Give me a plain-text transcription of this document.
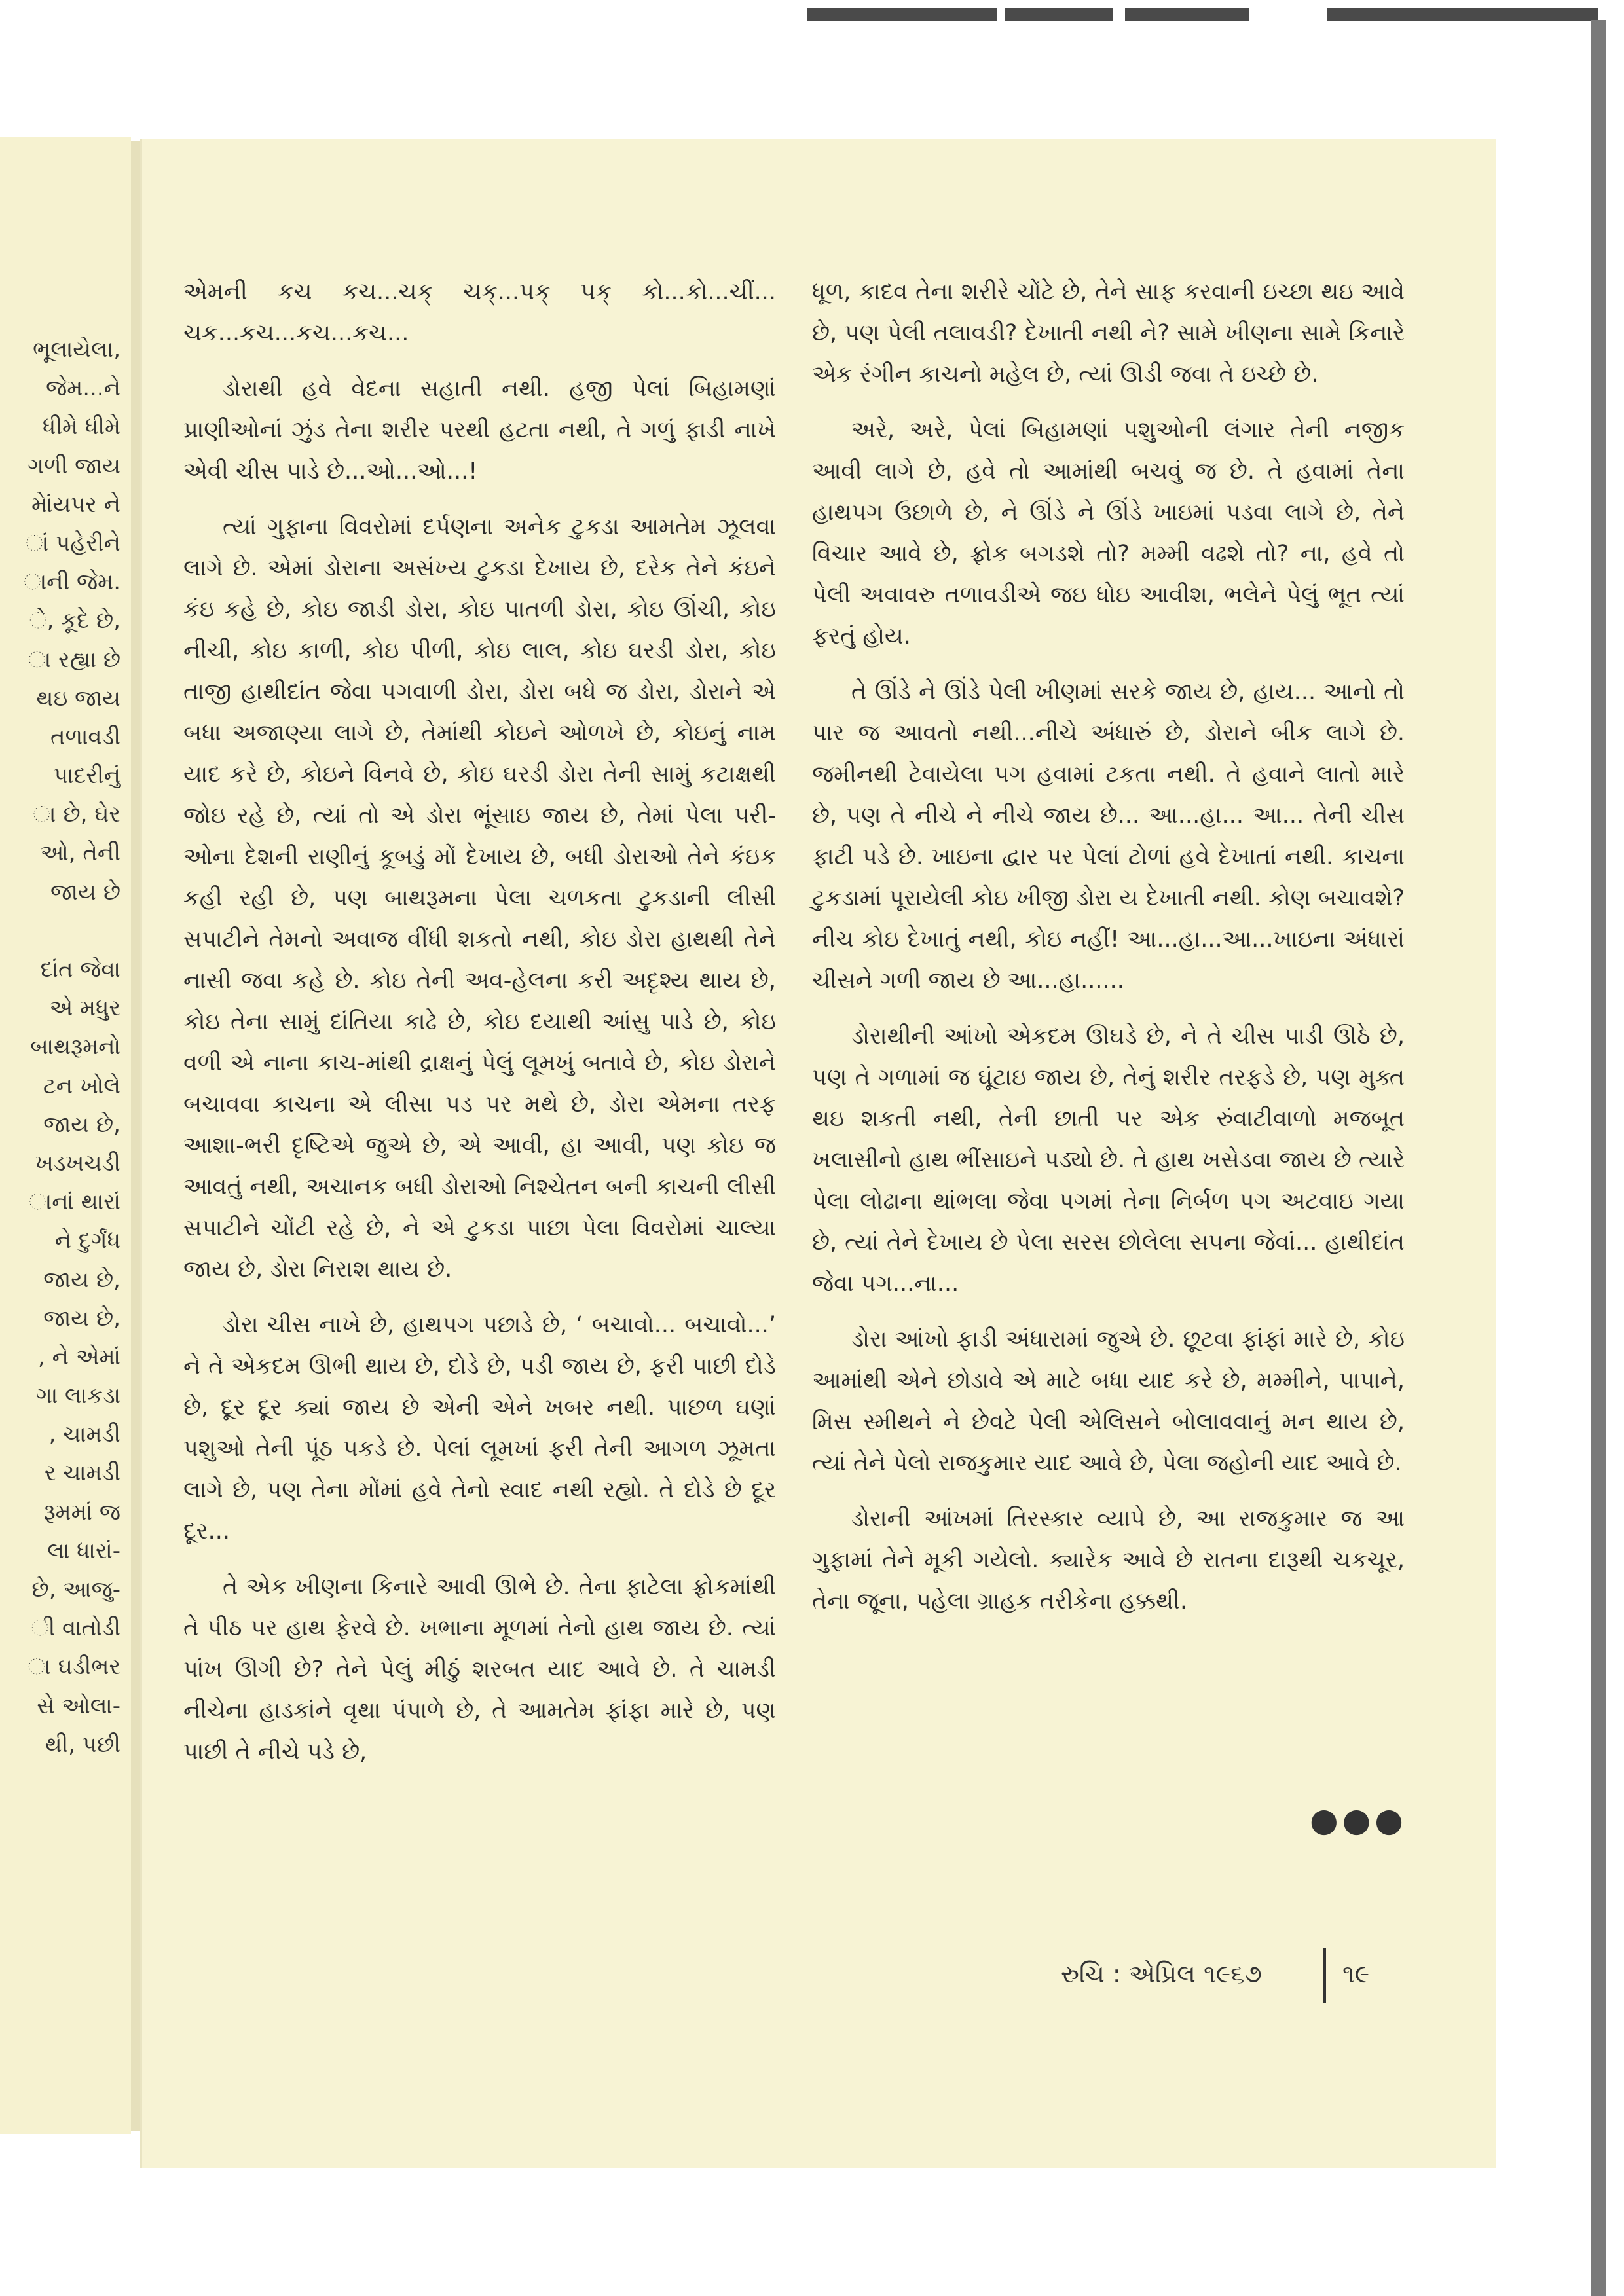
ભૂલાયેલા,
જેમ...ને
ધીમે ધીમે
ગળી જાય
મેાંયપર ને
ાં પહેરીને
ાની જેમ.
ે, કૂદે છે,
ા રહ્યા છે
થઇ જાય
તળાવડી
પાદરીનું
ા છે, ઘેર
ઓ, તેની
જાય છે
દાંત જેવા
એ મધુર
બાથરૂમનો
ટન ખોલે
જાય છે,
ખડખચડી
ાનાં થારાં
ને દુર્ગંધ
જાય છે,
જાય છે,
, ને એમાં
ગા લાકડા
, ચામડી
ર ચામડી
રૂમમાં જ
લા ધારાં-
છે, આજુ-
ી વાતોડી
ા ઘડીભર
સે ઓલા-
થી, પછી

એમની કચ કચ...ચક્ ચક્...પક્ પક્ કો...કો...ચીં... ચક...કચ...કચ...કચ...

ડોરાથી હવે વેદના સહાતી નથી. હજી પેલાં બિહામણાં પ્રાણીઓનાં ઝુંડ તેના શરીર પરથી હટતા નથી, તે ગળું ફાડી નાખે એવી ચીસ પાડે છે...ઓ...ઓ...!

ત્યાં ગુફાના વિવરોમાં દર્પણના અનેક ટુકડા આમતેમ ઝૂલવા લાગે છે. એમાં ડોરાના અસંખ્ય ટુકડા દેખાય છે, દરેક તેને કંઇને કંઇ કહે છે, કોઇ જાડી ડોરા, કોઇ પાતળી ડોરા, કોઇ ઊંચી, કોઇ નીચી, કોઇ કાળી, કોઇ પીળી, કોઇ લાલ, કોઇ ઘરડી ડોરા, કોઇ તાજી હાથીદાંત જેવા પગવાળી ડોરા, ડોરા બધે જ ડોરા, ડોરાને એ બધા અજાણ્યા લાગે છે, તેમાંથી કોઇને ઓળખે છે, કોઇનું નામ યાદ કરે છે, કોઇને વિનવે છે, કોઇ ઘરડી ડોરા તેની સામું કટાક્ષથી જોઇ રહે છે, ત્યાં તો એ ડોરા ભૂંસાઇ જાય છે, તેમાં પેલા પરી-ઓના દેશની રાણીનું કૂબડું મોં દેખાય છે, બધી ડોરાઓ તેને કંઇક કહી રહી છે, પણ બાથરૂમના પેલા ચળકતા ટુકડાની લીસી સપાટીને તેમનો અવાજ વીંધી શકતો નથી, કોઇ ડોરા હાથથી તેને નાસી જવા કહે છે. કોઇ તેની અવ-હેલના કરી અદૃશ્ય થાય છે, કોઇ તેના સામું દાંતિયા કાઢે છે, કોઇ દયાથી આંસુ પાડે છે, કોઇ વળી એ નાના કાચ-માંથી દ્રાક્ષનું પેલું લૂમખું બતાવે છે, કોઇ ડોરાને બચાવવા કાચના એ લીસા પડ પર મથે છે, ડોરા એમના તરફ આશા-ભરી દૃષ્ટિએ જુએ છે, એ આવી, હા આવી, પણ કોઇ જ આવતું નથી, અચાનક બધી ડોરાઓ નિશ્ચેતન બની કાચની લીસી સપાટીને ચોંટી રહે છે, ને એ ટુકડા પાછા પેલા વિવરોમાં ચાલ્યા જાય છે, ડોરા નિરાશ થાય છે.

ડોરા ચીસ નાખે છે, હાથપગ પછાડે છે, ‘ બચાવો... બચાવો...’ ને તે એકદમ ઊભી થાય છે, દોડે છે, પડી જાય છે, ફરી પાછી દોડે છે, દૂર દૂર ક્યાં જાય છે એની એને ખબર નથી. પાછળ ઘણાં પશુઓ તેની પૂંઠ પકડે છે. પેલાં લૂમખાં ફરી તેની આગળ ઝૂમતા લાગે છે, પણ તેના મોંમાં હવે તેનો સ્વાદ નથી રહ્યો. તે દોડે છે દૂર દૂર...

તે એક ખીણના કિનારે આવી ઊભે છે. તેના ફાટેલા ફ્રોકમાંથી તે પીઠ પર હાથ ફેરવે છે. ખભાના મૂળમાં તેનો હાથ જાય છે. ત્યાં પાંખ ઊગી છે? તેને પેલું મીઠું શરબત યાદ આવે છે. તે ચામડી નીચેના હાડકાંને વૃથા પંપાળે છે, તે આમતેમ ફાંફા મારે છે, પણ પાછી તે નીચે પડે છે,

ધૂળ, કાદવ તેના શરીરે ચોંટે છે, તેને સાફ કરવાની ઇચ્છા થઇ આવે છે, પણ પેલી તલાવડી? દેખાતી નથી ને? સામે ખીણના સામે કિનારે એક રંગીન કાચનો મહેલ છે, ત્યાં ઊડી જવા તે ઇચ્છે છે.

અરે, અરે, પેલાં બિહામણાં પશુઓની લંગાર તેની નજીક આવી લાગે છે, હવે તો આમાંથી બચવું જ છે. તે હવામાં તેના હાથપગ ઉછાળે છે, ને ઊંડે ને ઊંડે ખાઇમાં પડવા લાગે છે, તેને વિચાર આવે છે, ફ્રોક બગડશે તો? મમ્મી વઢશે તો? ના, હવે તો પેલી અવાવરુ તળાવડીએ જઇ ધોઇ આવીશ, ભલેને પેલું ભૂત ત્યાં ફરતું હોય.

તે ઊંડે ને ઊંડે પેલી ખીણમાં સરકે જાય છે, હાય... આનો તો પાર જ આવતો નથી...નીચે અંધારું છે, ડોરાને બીક લાગે છે. જમીનથી ટેવાયેલા પગ હવામાં ટકતા નથી. તે હવાને લાતો મારે છે, પણ તે નીચે ને નીચે જાય છે... આ...હા... આ... તેની ચીસ ફાટી પડે છે. ખાઇના દ્વાર પર પેલાં ટોળાં હવે દેખાતાં નથી. કાચના ટુકડામાં પૂરાયેલી કોઇ ખીજી ડોરા ય દેખાતી નથી. કોણ બચાવશે? નીચ કોઇ દેખાતું નથી, કોઇ નહીં! આ...હા...આ...ખાઇના અંધારાં ચીસને ગળી જાય છે આ...હા......

ડોરાથીની આંખો એકદમ ઊઘડે છે, ને તે ચીસ પાડી ઊઠે છે, પણ તે ગળામાં જ ઘૂંટાઇ જાય છે, તેનું શરીર તરફડે છે, પણ મુક્ત થઇ શકતી નથી, તેની છાતી પર એક રુંવાટીવાળો મજબૂત ખલાસીનો હાથ ભીંસાઇને પડ્યો છે. તે હાથ ખસેડવા જાય છે ત્યારે પેલા લોઢાના થાંભલા જેવા પગમાં તેના નિર્બળ પગ અટવાઇ ગયા છે, ત્યાં તેને દેખાય છે પેલા સરસ છોલેલા સપના જેવાં... હાથીદાંત જેવા પગ...ના...

ડોરા આંખો ફાડી અંધારામાં જુએ છે. છૂટવા ફાંફાં મારે છે, કોઇ આમાંથી એને છોડાવે એ માટે બધા યાદ કરે છે, મમ્મીને, પાપાને, મિસ સ્મીથને ને છેવટે પેલી એલિસને બોલાવવાનું મન થાય છે, ત્યાં તેને પેલો રાજકુમાર યાદ આવે છે, પેલા જહોની યાદ આવે છે.

ડોરાની આંખમાં તિરસ્કાર વ્યાપે છે, આ રાજકુમાર જ આ ગુફામાં તેને મૂકી ગયેલો. ક્યારેક આવે છે રાતના દારૂથી ચકચૂર, તેના જૂના, પહેલા ગ્રાહક તરીકેના હક્કથી.

●●●
રુચિ : એપ્રિલ ૧૯૬૭	૧૯
